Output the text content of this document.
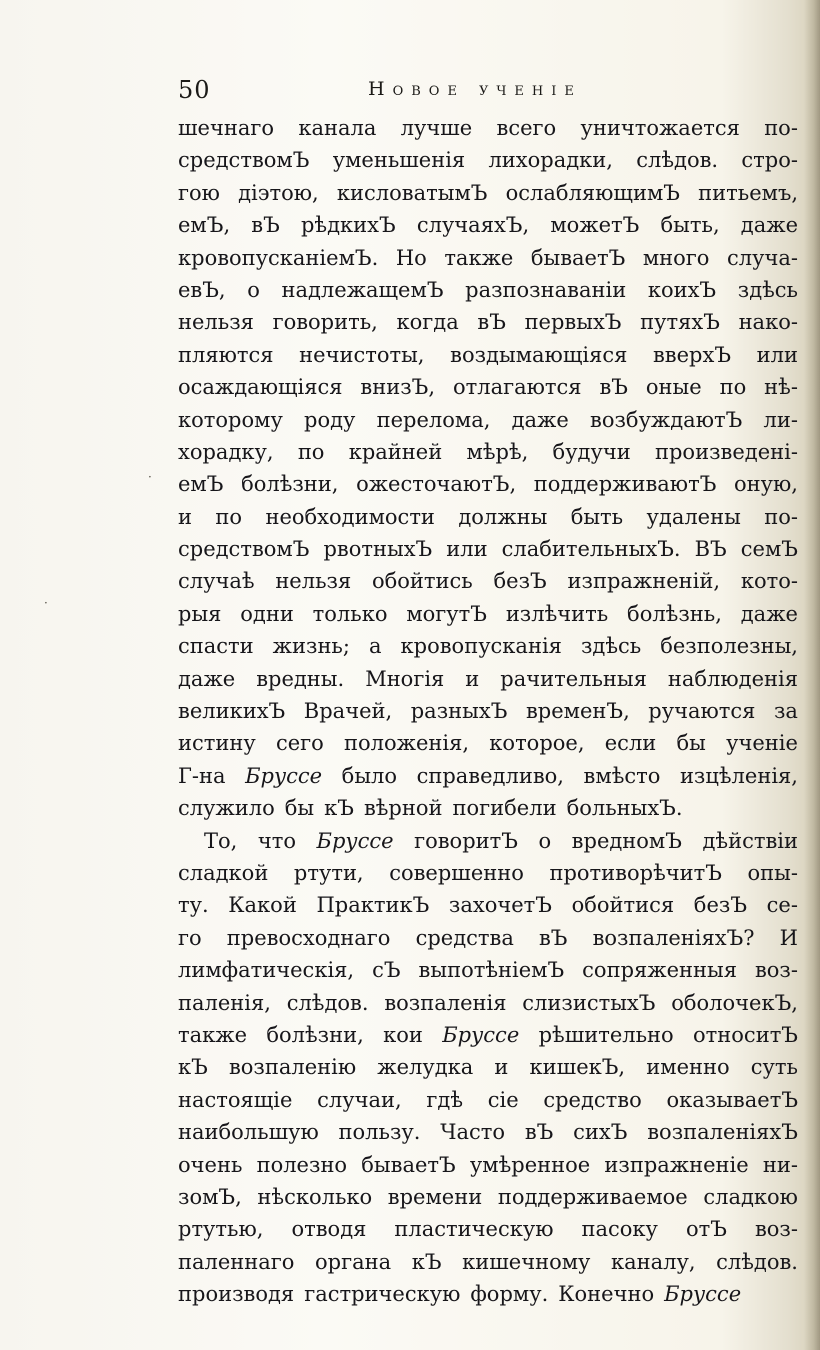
50	Новое ученіе
шечнаго канала лучше всего уничтожается по-
средствомЪ уменьшенія лихорадки, слѣдов. стро-
гою діэтою, кисловатымЪ ослабляющимЪ питьемъ,
емЪ, вЪ рѣдкихЪ случаяхЪ, можетЪ быть, даже
кровопусканіемЪ. Но также бываетЪ много случа-
евЪ, о надлежащемЪ разпознаваніи коихЪ здѣсь
нельзя говорить, когда вЪ первыхЪ путяхЪ нако-
пляются нечистоты, воздымающіяся вверхЪ или
осаждающіяся внизЪ, отлагаются вЪ оные по нѣ-
которому роду перелома, даже возбуждаютЪ ли-
хорадку, по крайней мѣрѣ, будучи произведені-
емЪ болѣзни, ожесточаютЪ, поддерживаютЪ оную,
и по необходимости должны быть удалены по-
средствомЪ рвотныхЪ или слабительныхЪ. ВЪ семЪ
случаѣ нельзя обойтись безЪ изпражненій, кото-
рыя одни только могутЪ излѣчить болѣзнь, даже
спасти жизнь; а кровопусканія здѣсь безполезны,
даже вредны. Многія и рачительныя наблюденія
великихЪ Врачей, разныхЪ временЪ, ручаются за
истину сего положенія, которое, если бы ученіе
Г-на Бруссе было справедливо, вмѣсто изцѣленія,
служило бы кЪ вѣрной погибели больныхЪ.
То, что Бруссе говоритЪ о вредномЪ дѣйствіи
сладкой ртути, совершенно противорѣчитЪ опы-
ту. Какой ПрактикЪ захочетЪ обойтися безЪ се-
го превосходнаго средства вЪ возпаленіяхЪ? И
лимфатическія, сЪ выпотѣніемЪ сопряженныя воз-
паленія, слѣдов. возпаленія слизистыхЪ оболочекЪ,
также болѣзни, кои Бруссе рѣшительно относитЪ
кЪ возпаленію желудка и кишекЪ, именно суть
настоящіе случаи, гдѣ сіе средство оказываетЪ
наибольшую пользу. Часто вЪ сихЪ возпаленіяхЪ
очень полезно бываетЪ умѣренное изпражненіе ни-
зомЪ, нѣсколько времени поддерживаемое сладкою
ртутью, отводя пластическую пасоку отЪ воз-
паленнаго органа кЪ кишечному каналу, слѣдов.
производя гастрическую форму. Конечно Бруссе
·
·
